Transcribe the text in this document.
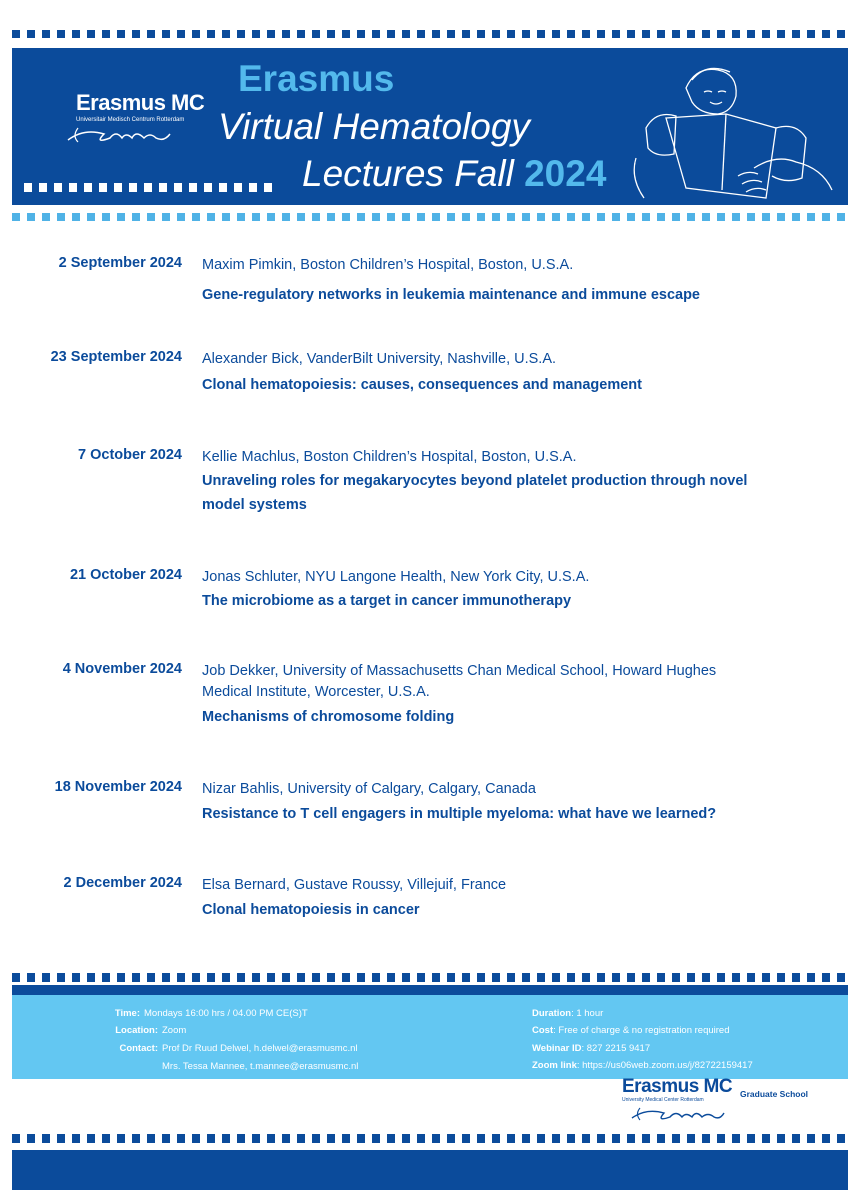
Erasmus MC
Universitair Medisch Centrum Rotterdam
Erasmus
Virtual Hematology
Lectures Fall 2024
2 September 2024 Maxim Pimkin, Boston Children’s Hospital, Boston, U.S.A.
Gene-regulatory networks in leukemia maintenance and immune escape
23 September 2024 Alexander Bick, VanderBilt University, Nashville, U.S.A.
Clonal hematopoiesis: causes, consequences and management
7 October 2024 Kellie Machlus, Boston Children’s Hospital, Boston, U.S.A.
Unraveling roles for megakaryocytes beyond platelet production through novel model systems
21 October 2024 Jonas Schluter, NYU Langone Health, New York City, U.S.A.
The microbiome as a target in cancer immunotherapy
4 November 2024 Job Dekker, University of Massachusetts Chan Medical School, Howard Hughes Medical Institute, Worcester, U.S.A.
Mechanisms of chromosome folding
18 November 2024 Nizar Bahlis, University of Calgary, Calgary, Canada
Resistance to T cell engagers in multiple myeloma: what have we learned?
2 December 2024 Elsa Bernard, Gustave Roussy, Villejuif, France
Clonal hematopoiesis in cancer
Time: Mondays 16:00 hrs / 04.00 PM CE(S)T
Location: Zoom
Contact: Prof Dr Ruud Delwel, h.delwel@erasmusmc.nl
Mrs. Tessa Mannee, t.mannee@erasmusmc.nl
Duration: 1 hour
Cost: Free of charge & no registration required
Webinar ID: 827 2215 9417
Zoom link: https://us06web.zoom.us/j/82722159417
Erasmus MC
University Medical Center Rotterdam
Graduate School
